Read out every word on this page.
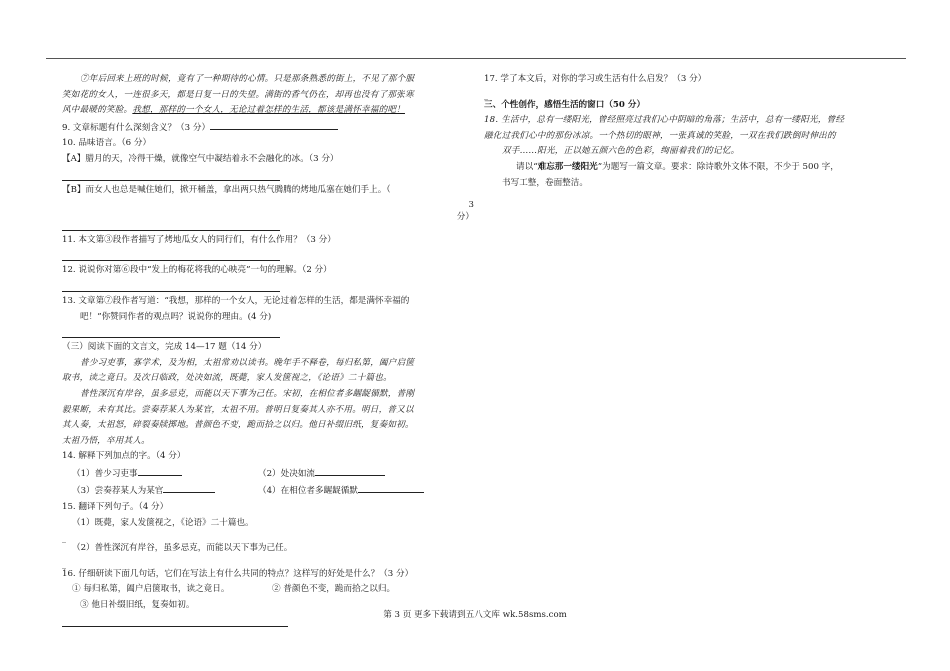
⑦年后回来上班的时候，竟有了一种期待的心情。只是那条熟悉的街上，不见了那个服

笑如花的女人，一连很多天，都是日复一日的失望。满街的香气仍在，却再也没有了那张寒

风中最暖的笑脸。我想，那样的一个女人，无论过着怎样的生活，都该是满怀幸福的吧！

9. 文章标题有什么深刻含义？（3 分）

10. 品味语言。（6 分）

【A】腊月的天，冷得干燥，就像空气中凝结着永不会融化的冰。（3 分）

【B】而女人也总是喊住她们，掀开桶盖，拿出两只热气腾腾的烤地瓜塞在她们手上。（

3

分）

11. 本文第③段作者描写了烤地瓜女人的同行们，有什么作用？（3 分）

12. 说说你对第⑥段中“发上的梅花将我的心映亮”一句的理解。（2 分）

13. 文章第⑦段作者写道：“我想，那样的一个女人，无论过着怎样的生活，都是满怀幸福的

吧！”你赞同作者的观点吗？说说你的理由。(4 分)

（三）阅读下面的文言文，完成 14—17 题（14 分）

普少习吏事，寡学术，及为相，太祖常劝以读书。晚年手不释卷，每归私第，阖户启箧

取书，读之竟日。及次日临政，处决如流，既薨，家人发箧视之，《论语》二十篇也。

普性深沉有岸谷，虽多忌克，而能以天下事为己任。宋初，在相位者多龌龊循默，普刚

毅果断，未有其比。尝奏荐某人为某官，太祖不用。普明日复奏其人亦不用。明日，普又以

其人奏，太祖怒，碎裂奏牍掷地。普颜色不变，跪而拾之以归。他日补缀旧纸，复奏如初。

太祖乃悟，卒用其人。

14. 解释下列加点的字。（4 分）

（1）普少习吏事	（2）处决如流
（3）尝奏荐某人为某官	（4）在相位者多龌龊循默

15. 翻译下列句子。（4 分）

（1）既薨，家人发箧视之，《论语》二十篇也。

_

（2）普性深沉有岸谷，虽多忌克，而能以天下事为己任。

_

16. 仔细研读下面几句话，它们在写法上有什么共同的特点？这样写的好处是什么？（3 分）

① 每归私第，阖户启箧取书，读之竟日。	② 普颜色不变，跪而拾之以归。

③ 他日补缀旧纸，复奏如初。

17. 学了本文后，对你的学习或生活有什么启发？（3 分）

_

三、个性创作，感悟生活的窗口（50 分）

18. 生活中，总有一缕阳光，曾经照亮过我们心中阴暗的角落；生活中，总有一缕阳光，曾经

融化过我们心中的那份冰凉。一个热切的眼神，一张真诚的笑脸，一双在我们跌倒时伸出的

双手……阳光，正以她五颜六色的色彩，绚丽着我们的记忆。

请以“难忘那一缕阳光”为题写一篇文章。要求：除诗歌外文体不限，不少于 500 字，

书写工整，卷面整洁。

第 3 页 更多下载请到五八文库 wk.58sms.com
